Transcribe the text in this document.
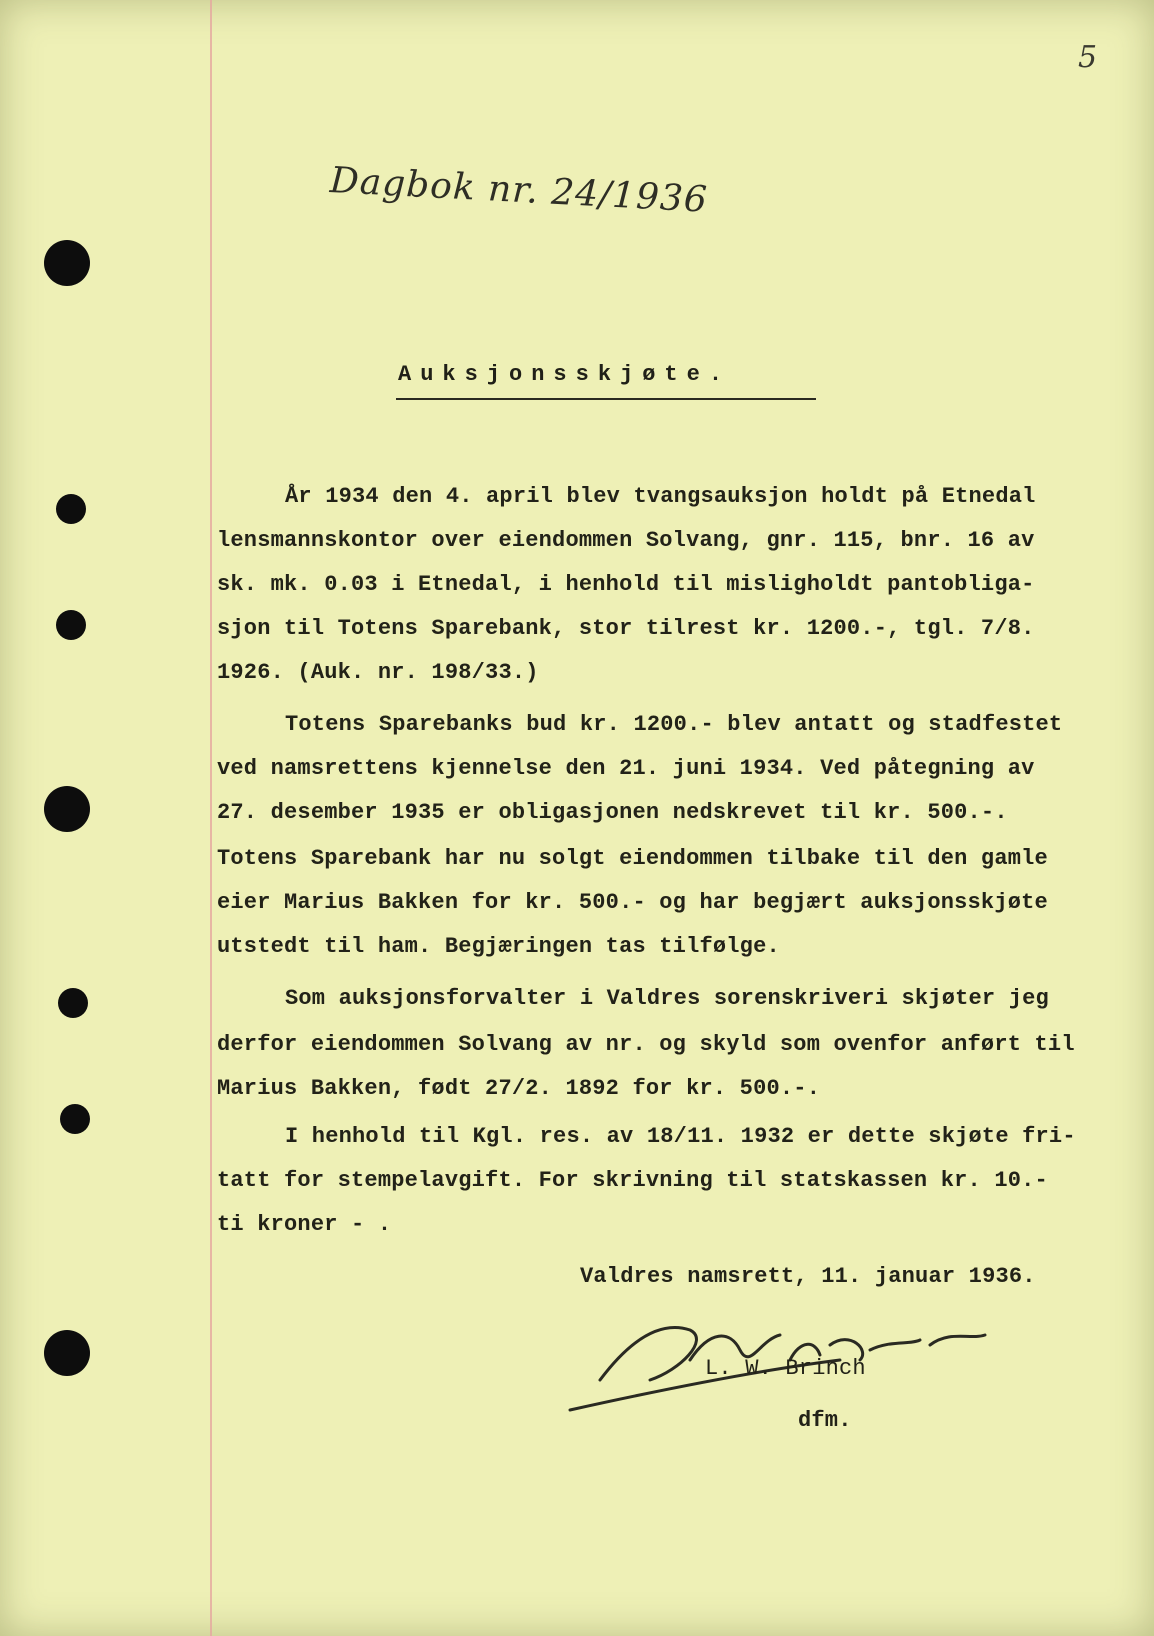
5
Dagbok nr. 24/1936
Auksjonsskjøte.
År 1934 den 4. april blev tvangsauksjon holdt på Etnedal
lensmannskontor over eiendommen Solvang, gnr. 115, bnr. 16 av
sk. mk. 0.03 i Etnedal, i henhold til misligholdt pantobliga-
sjon til Totens Sparebank, stor tilrest kr. 1200.-, tgl. 7/8.
1926. (Auk. nr. 198/33.)
Totens Sparebanks bud kr. 1200.- blev antatt og stadfestet
ved namsrettens kjennelse den 21. juni 1934. Ved påtegning av
27. desember 1935 er obligasjonen nedskrevet til kr. 500.-.
Totens Sparebank har nu solgt eiendommen tilbake til den gamle
eier Marius Bakken for kr. 500.- og har begjært auksjonsskjøte
utstedt til ham. Begjæringen tas tilfølge.
Som auksjonsforvalter i Valdres sorenskriveri skjøter jeg
derfor eiendommen Solvang av nr. og skyld som ovenfor anført til
Marius Bakken, født 27/2. 1892 for kr. 500.-.
I henhold til Kgl. res. av 18/11. 1932 er dette skjøte fri-
tatt for stempelavgift. For skrivning til statskassen kr. 10.-
ti kroner - .
Valdres namsrett, 11. januar 1936.
L. W. Brinch
dfm.
